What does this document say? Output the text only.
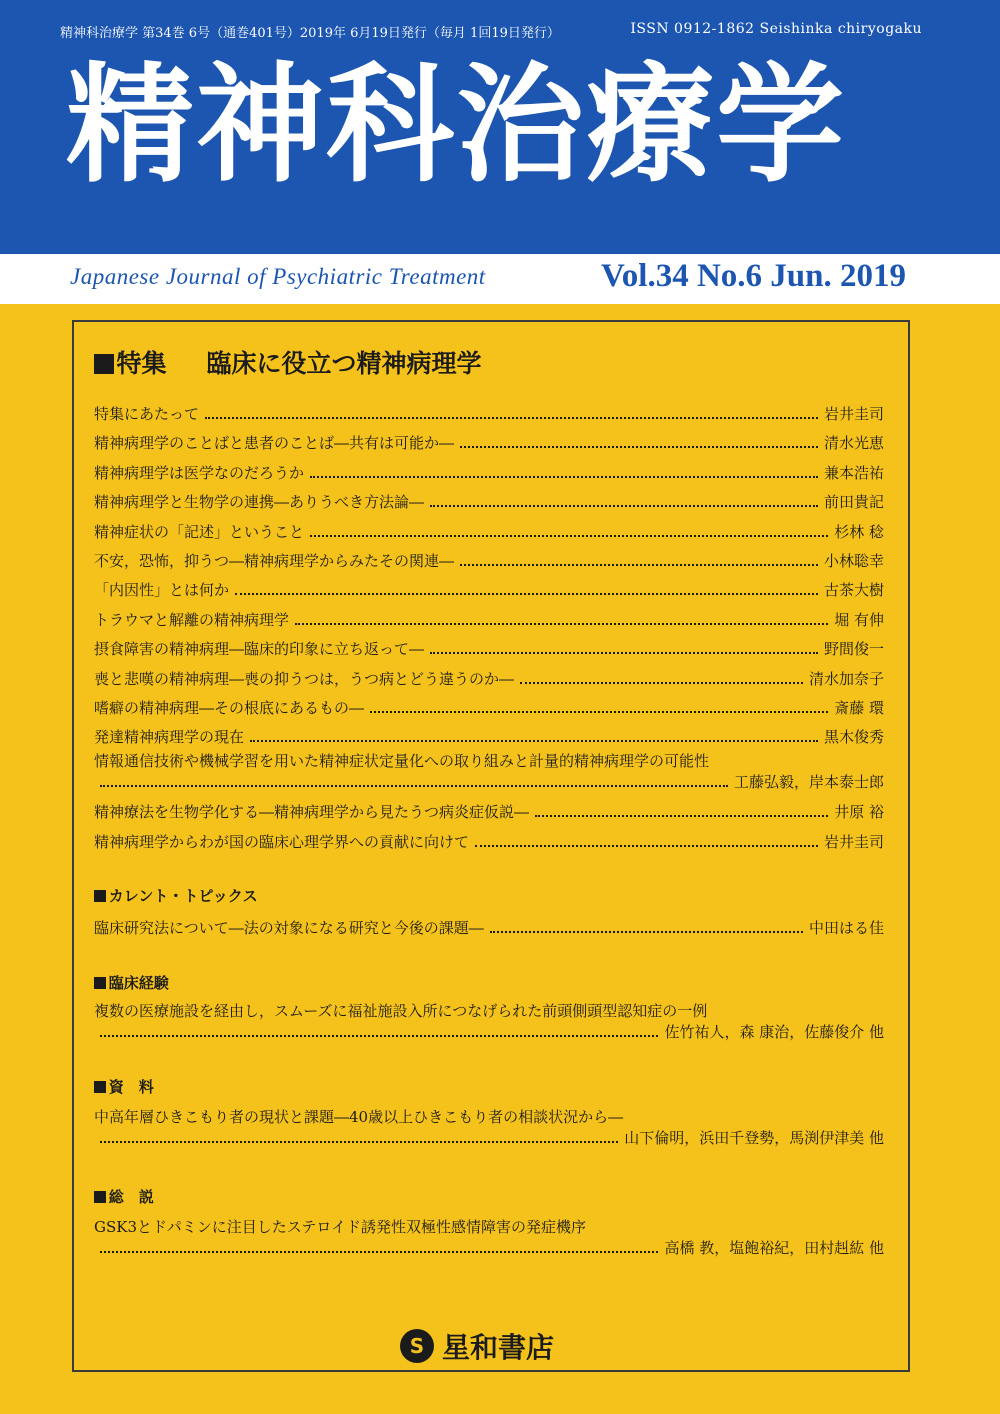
精神科治療学 第34巻 6号（通巻401号）2019年 6月19日発行（毎月 1回19日発行）	ISSN 0912-1862 Seishinka chiryogaku
精神科治療学
Japanese Journal of Psychiatric Treatment	Vol.34 No.6 Jun. 2019
特集 臨床に役立つ精神病理学
特集にあたって	岩井圭司
精神病理学のことばと患者のことば―共有は可能か―	清水光恵
精神病理学は医学なのだろうか	兼本浩祐
精神病理学と生物学の連携―ありうべき方法論―	前田貴記
精神症状の「記述」ということ	杉林 稔
不安，恐怖，抑うつ―精神病理学からみたその関連―	小林聡幸
「内因性」とは何か	古茶大樹
トラウマと解離の精神病理学	堀 有伸
摂食障害の精神病理―臨床的印象に立ち返って―	野間俊一
喪と悲嘆の精神病理―喪の抑うつは，うつ病とどう違うのか―	清水加奈子
嗜癖の精神病理―その根底にあるもの―	斎藤 環
発達精神病理学の現在	黒木俊秀
情報通信技術や機械学習を用いた精神症状定量化への取り組みと計量的精神病理学の可能性
工藤弘毅，岸本泰士郎
精神療法を生物学化する―精神病理学から見たうつ病炎症仮説―	井原 裕
精神病理学からわが国の臨床心理学界への貢献に向けて	岩井圭司
カレント・トピックス
臨床研究法について―法の対象になる研究と今後の課題―	中田はる佳
臨床経験
複数の医療施設を経由し，スムーズに福祉施設入所につなげられた前頭側頭型認知症の一例
佐竹祐人，森 康治，佐藤俊介 他
資　料
中高年層ひきこもり者の現状と課題―40歳以上ひきこもり者の相談状況から―
山下倫明，浜田千登勢，馬渕伊津美 他
総　説
GSK3とドパミンに注目したステロイド誘発性双極性感情障害の発症機序
高橋 教，塩飽裕紀，田村赳紘 他
S 星和書店
